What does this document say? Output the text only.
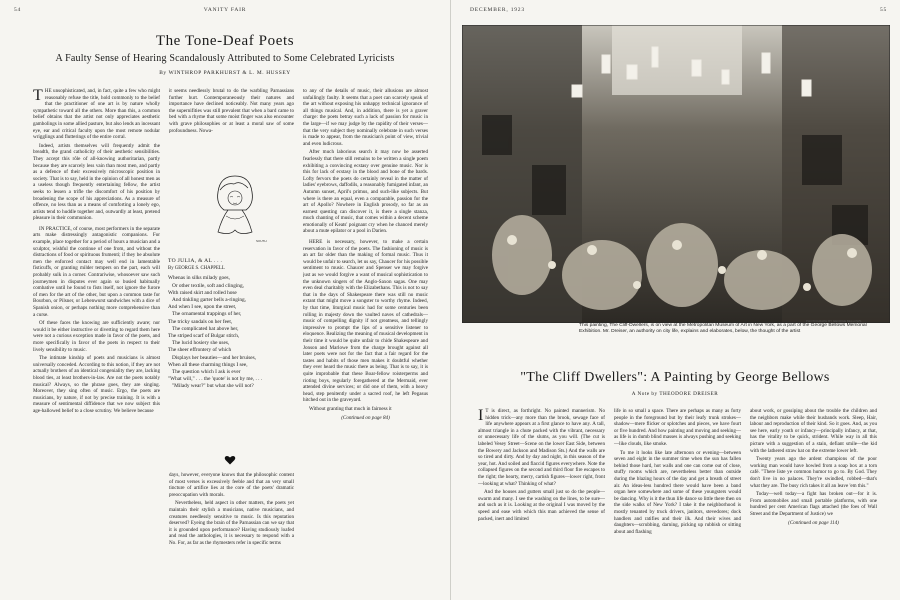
54	VANITY FAIR
The Tone-Deaf Poets
A Faulty Sense of Hearing Scandalously Attributed to Some Celebrated Lyricists
By WINTHROP PARKHURST & L. M. HUSSEY

THE unsophisticated, and, in fact, quite a few who might reasonably refuse the title, hold commonly to the belief that the practitioner of one art is by nature wholly sympathetic toward all the others. More than this, a common belief obtains that the artist not only appreciates aesthetic gambolings in some allied pasture, but also lends an incessant eye, ear and critical faculty upon the most remote nodular wrigglings and flutterings of the entire corral.

Indeed, artists themselves will frequently admit the breadth, the grand catholicity of their aesthetic sensibilities. They accept this rôle of all-knowing authoritarian, partly because they are scarcely less vain than most men, and partly as a defence of their excessively microscopic position in society. That is to say, held in the opinion of all honest men as a useless though frequently entertaining fellow, the artist seeks to lessen a trifle the discomfort of his position by broadening the scope of his appreciations. As a measure of offence, no less than as a means of comforting a lonely ego, artists tend to huddle together and, outwardly at least, pretend pleasure in their communion.

IN PRACTICE, of course, most performers in the separate arts make distressingly antagonistic companions. For example, place together for a period of hours a musician and a sculptor, wishful the continue of one from, and without the distractions of food or spirituous frumenti; if they be absolute men the enforced contact may well end in lamentable fisticuffs, or granting milder tempers on the part, each will probably sulk in a corner. Contrariwise, whosoever saw such journeymen in disputes ever again so busied habitually combative until he found to fists itself, not ignore the furore of men for the art of the other, but upon a common taste for Bourbon, or Pilsner, or Lebenwurst sandwiches with a dice of Spanish onion, or perhaps nothing more comprehensive than a curse.

Of these faces the knowing are sufficiently aware; nor would it be either instructive or diverting to regard them here were not a curious exception made in favor of the poets, and more specifically in favor of the poets in respect to their lively sensibility to music.

The intimate kinship of poets and musicians is almost universally conceded. According to this notion, if they are not actually brothers of an identical congeniality they are, lacking blood ties, at least brothers-in-law. Are not the poets notably musical? Always, so the phrase goes, they are singing. Moreover, they sing often of music. Ergo, the poets are musicians, by nature, if not by precise training. It is with a measure of sentimental diffidence that we now subject this age-hallowed belief to a close scrutiny. We believe because

it seems needlessly brutal to do the warbling Parnassians further hurt. Contemporaneously their natures and importance have declined noticeably. Not many years ago the supernifities was still prevalent that when a bard came to bed with a rhyme that some moist finger was also encounter with grave philosophies or at least a moral saw of some profoundness. Nowa-

SOUTH
TO JULIA, & AL . . .
By GEORGE S. CHAPPELL
Whenas in silks milady goes,
Or other textile, soft and clinging,
With raised skirt and rolled hose
And tinkling garter bells a-ringing,
And when I see, upon the street,
The ornamental trappings of her,
The tricky sandals on her feet,
The complicated hat above her,
The striped scarf of Bulgar stitch,
The lucid hosiery she uses,
The sheer effrontery of which
Displays her beauties—and her bruises,
When all these charming things I see,
The question which I ask is ever
"What will," . . . the 'quote' is not by me, . . .
"Milady wear?" but what she will not?

days, however, everyone knows that the philosophic content of most verses is excessively feeble and that an very small tincture of artifice lies at the core of the poets' dramatic preoccupation with morals.

Nevertheless, held aspect in other matters, the poets yet maintain their stylish a musicians, native musicians, and creatures needlessly sensitive to music. Is this reputation deserved? Eyeing the brain of the Parnassian can we say that it is grounded upon performance? Having studiously loafed and read the anthologies, it is necessary to respond with a No. For, as far as the rhymesters refer in specific terms

to any of the details of music, their allusions are almost unfailingly faulty. It seems that a poet can scarcely speak of the art without exposing his unhappy technical ignorance of all things musical. And, in addition, there is yet a graver charge: the poets betray such a lack of passion for music in the large—if we may judge by the rapidity of their verses—that the very subject they nominally celebrate in such verses is made to appear, from the musician's point of view, trivial and even ludicrous.

After much laborious search it may now be asserted fearlessly that there still remains to be written a single poem exhibiting a convincing ecstasy over genuine music. Nor is this for lack of ecstasy in the blood and bone of the bards. Lofty fervors the poets do certainly reveal in the matter of ladies' eyebrows, daffodils, a reasonably fumigated infant, an Autumn sunset, April's primus, and such-like subjects. But where is there an equal, even a comparable, passion for the art of Apollo? Nowhere in English prosody, so far as an earnest questing can discover it, is there a single stanza, much chanting of music, that comes within a decent scheme emotionally of Keats' poignant cry when he chanced merely about a mute epilator or a pool in Darien.

HERE is necessary, however, to make a certain reservation in favor of the poets. The fashioning of music is an art far older than the making of formal music. Thus it would be unfair to search, let us say, Chaucer for his possible sentiment to music. Chaucer and Spenser we may forgive just as we would forgive a want of musical sophistication to the unknown singers of the Anglo-Saxon sagas. One may even deal charitably with the Elizabethans. This is not to say that in the days of Shakespeare there was still no music extant that might move a songster to worthy rhyme. Indeed, by that time, liturgical music had for some centuries been rolling in majesty down the vaulted naves of cathedrals—music of compelling dignity if not greatness, and tellingly impressive to prompt the lips of a sensitive listener to eloquence. Realizing the meaning of musical development in their time it would be quite unfair to chide Shakespeare and Jonson and Marlowe from the charge brought against all later poets were not for the fact that a fair regard for the tastes and habits of those men makes it doubtful whether they ever heard the music there as being. That is to say, it is quite improbable that these Boar-fellow roisterperms and rioting boys, regularly foregathered at the Mermaid, ever attended divine services; or did one of them, with a heavy head, step penitently under a sacred roof, he left Pegasus hitched out in the graveyard.

Without granting that much in fairness it

(Continued on page 84)
DECEMBER, 1923	55
PHOTOGRAPH BY GEORGE BELLOWS
This painting, The Cliff-Dwellers, is on view at the Metropolitan Museum of Art in New York, as a part of the George Bellows Memorial Exhibition. Mr. Dreiser, an authority on city life, explains and elaborates, below, the thought of the artist
"The Cliff Dwellers": A Painting by George Bellows
A Note by THEODORE DREISER

I T is direct, as forthright. No painted mannerism. No hidden trick—any more than the brook, sewage face of life anywhere appears at a first glance to have any. A tall, almost triangle in a chute packed with the vibrant, necessary or unnecessary life of the slums, as you will. (The cut is labeled Vesey Street—Scene on the lower East Side, between the Bowery and Jackson and Madison Sts.) And the walls are so tired and dirty. And by day and night, in this season of the year, hot. And soiled and flaccid figures everywhere. Note the collapsed figures on the second and third floor fire escapes to the right; the hearty, merry, cartish figures—lower right, front—looking at what? Thinking of what?

And the houses and gutters small just so do the people—swarm and many. I see the washing on the lines, to be sure—and such as it is. Looking at the original I was moved by the speed and ease with which this man achieved the sense of packed, inert and limited

life in so small a space. There are perhaps as many as forty people in the foreground but by their leafy trunk strokes—shadow—mere flicker or splotches and pieces, we have fourt or five hundred. And how painting and moving and seeking—as life is in dumb blind masses is always pushing and seeking—like clouds, like smoke.

To me it looks like late afternoon or evening—between seven and eight in the summer time when the sun has fallen behind those hard, hot walls and one can come out of close, stuffy rooms which are, nevertheless better than outside during the blazing hours of the day and get a breath of street air. An ideas-less hundred there would have been a band organ here somewhere and some of these youngsters would be dancing. Why is it the thun life dance so little there then on the side walks of New York? I take it the neighborhood is mostly tenanted by truck drivers, janitors, stevedores; dock handlers and ratifies and their ilk. And their wives and daughters—scrubbing, darning, picking up rubbish or sitting about and flashing

about work, or gossiping about the trouble the children and the neighbors make while their husbands work. Sleep, Hair, labour and reproduction of their kind. So it goes. And, as you see here, early youth or infancy—principally infancy, at that, has the vitality to be quick, strident. While way in all this picture with a suggestion of a stain, defiant smile—the kid with the lathered straw hat on the extreme lower left.

Twenty years ago the ardent champions of the poor working man would have howled from a soap box at a torn café. "There liste ye common humor to go to. By God. They don't live in no palaces. They're swindled, robbed—that's what they are. The busy rich takes it all an leave 'em this."

Today—well today—a fight has broken out—for it is. From automobiles and small portable platforms, with one hundred per cent American flags attached (the foes of Wall Street and the Department of Justice) we

(Continued on page 114)
